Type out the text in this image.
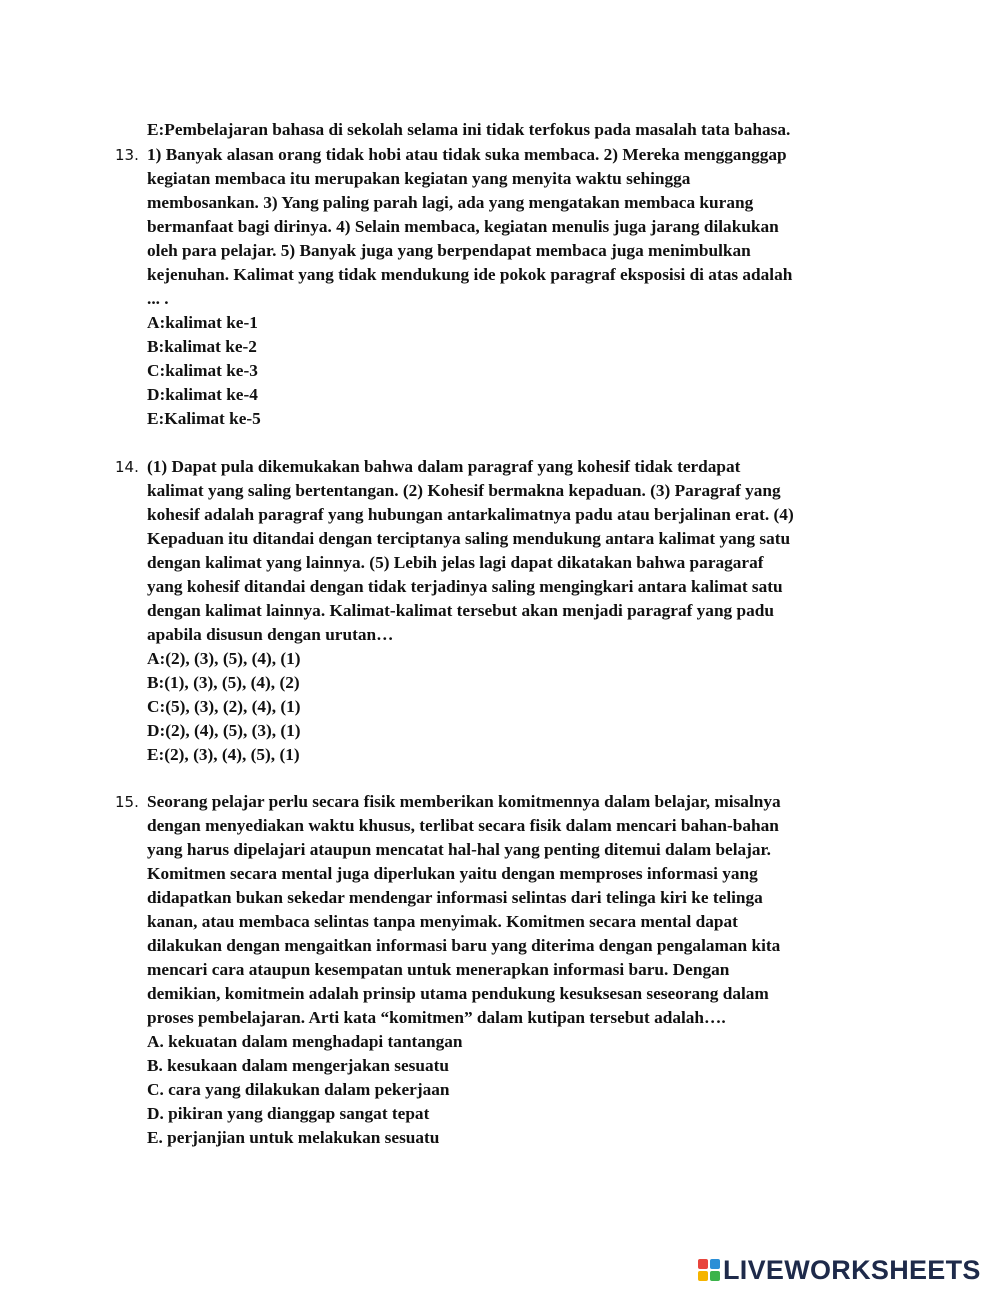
E:Pembelajaran bahasa di sekolah selama ini tidak terfokus pada masalah tata bahasa.
13. 1) Banyak alasan orang tidak hobi atau tidak suka membaca. 2) Mereka mengganggap
kegiatan membaca itu merupakan kegiatan yang menyita waktu sehingga
membosankan. 3) Yang paling parah lagi, ada yang mengatakan membaca kurang
bermanfaat bagi dirinya. 4) Selain membaca, kegiatan menulis juga jarang dilakukan
oleh para pelajar. 5) Banyak juga yang berpendapat membaca juga menimbulkan
kejenuhan. Kalimat yang tidak mendukung ide pokok paragraf eksposisi di atas adalah
... .
A:kalimat ke-1
B:kalimat ke-2
C:kalimat ke-3
D:kalimat ke-4
E:Kalimat ke-5
14. (1) Dapat pula dikemukakan bahwa dalam paragraf yang kohesif tidak terdapat
kalimat yang saling bertentangan. (2) Kohesif bermakna kepaduan. (3) Paragraf yang
kohesif adalah paragraf yang hubungan antarkalimatnya padu atau berjalinan erat. (4)
Kepaduan itu ditandai dengan terciptanya saling mendukung antara kalimat yang satu
dengan kalimat yang lainnya. (5) Lebih jelas lagi dapat dikatakan bahwa paragaraf
yang kohesif ditandai dengan tidak terjadinya saling mengingkari antara kalimat satu
dengan kalimat lainnya. Kalimat-kalimat tersebut akan menjadi paragraf yang padu
apabila disusun dengan urutan…
A:(2), (3), (5), (4), (1)
B:(1), (3), (5), (4), (2)
C:(5), (3), (2), (4), (1)
D:(2), (4), (5), (3), (1)
E:(2), (3), (4), (5), (1)
15. Seorang pelajar perlu secara fisik memberikan komitmennya dalam belajar, misalnya
dengan menyediakan waktu khusus, terlibat secara fisik dalam mencari bahan-bahan
yang harus dipelajari ataupun mencatat hal-hal yang penting ditemui dalam belajar.
Komitmen secara mental juga diperlukan yaitu dengan memproses informasi yang
didapatkan bukan sekedar mendengar informasi selintas dari telinga kiri ke telinga
kanan, atau membaca selintas tanpa menyimak. Komitmen secara mental dapat
dilakukan dengan mengaitkan informasi baru yang diterima dengan pengalaman kita
mencari cara ataupun kesempatan untuk menerapkan informasi baru. Dengan
demikian, komitmein adalah prinsip utama pendukung kesuksesan seseorang dalam
proses pembelajaran. Arti kata “komitmen” dalam kutipan tersebut adalah….
A. kekuatan dalam menghadapi tantangan
B. kesukaan dalam mengerjakan sesuatu
C. cara yang dilakukan dalam pekerjaan
D. pikiran yang dianggap sangat tepat
E. perjanjian untuk melakukan sesuatu
LIVEWORKSHEETS
